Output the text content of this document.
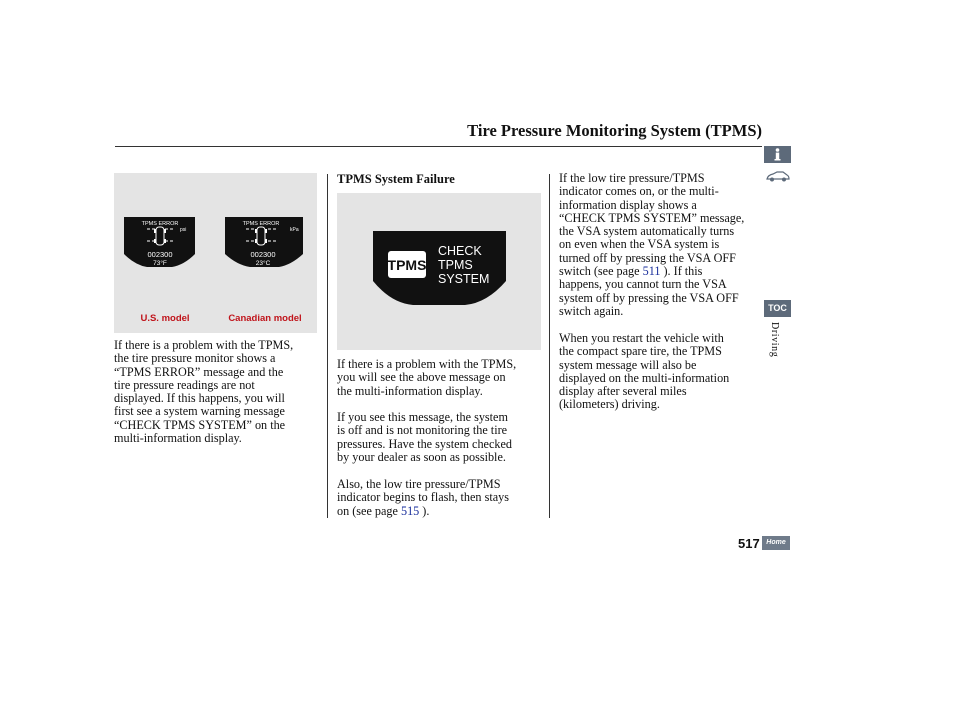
Tire Pressure Monitoring System (TPMS)
TPMS ERROR
psi
002300
73°F
TPMS ERROR
kPa
002300
23°C
U.S. model	Canadian model
If there is a problem with the TPMS,
the tire pressure monitor shows a
“TPMS ERROR” message and the
tire pressure readings are not
displayed. If this happens, you will
first see a system warning message
“CHECK TPMS SYSTEM” on the
multi-information display.
TPMS System Failure
TPMS
CHECK
TPMS
SYSTEM
If there is a problem with the TPMS,
you will see the above message on
the multi-information display.
If you see this message, the system
is off and is not monitoring the tire
pressures. Have the system checked
by your dealer as soon as possible.
Also, the low tire pressure/TPMS
indicator begins to flash, then stays
on (see page 515 ).
If the low tire pressure/TPMS
indicator comes on, or the multi-
information display shows a
“CHECK TPMS SYSTEM” message,
the VSA system automatically turns
on even when the VSA system is
turned off by pressing the VSA OFF
switch (see page 511 ). If this
happens, you cannot turn the VSA
system off by pressing the VSA OFF
switch again.
When you restart the vehicle with
the compact spare tire, the TPMS
system message will also be
displayed on the multi-information
display after several miles
(kilometers) driving.
TOC
Driving
517 Home
